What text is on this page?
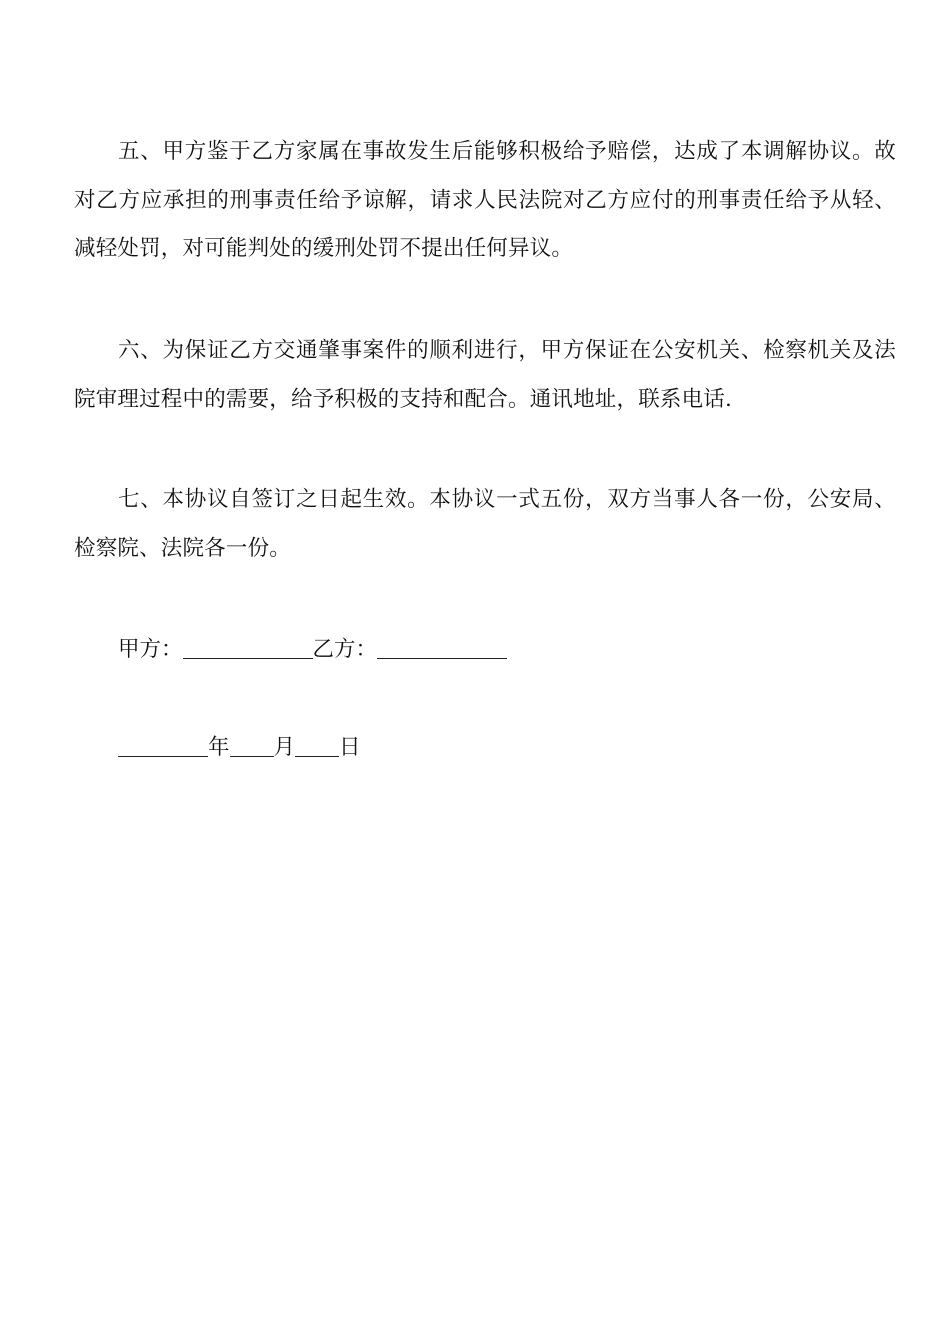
五、甲方鉴于乙方家属在事故发生后能够积极给予赔偿，达成了本调解协议。故对乙方应承担的刑事责任给予谅解，请求人民法院对乙方应付的刑事责任给予从轻、减轻处罚，对可能判处的缓刑处罚不提出任何异议。

六、为保证乙方交通肇事案件的顺利进行，甲方保证在公安机关、检察机关及法院审理过程中的需要，给予积极的支持和配合。通讯地址，联系电话.

七、本协议自签订之日起生效。本协议一式五份，双方当事人各一份，公安局、检察院、法院各一份。

甲方：	乙方：
年 月 日
